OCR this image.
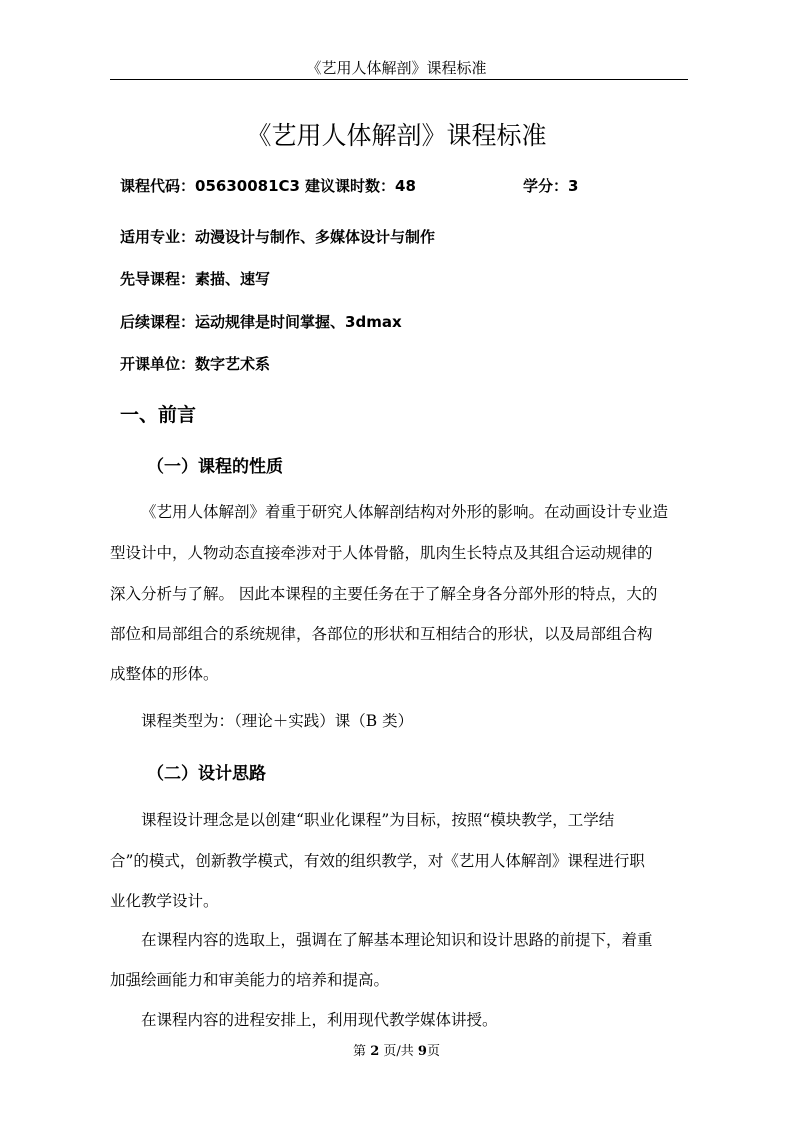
《艺用人体解剖》课程标准
《艺用人体解剖》课程标准
课程代码：05630081C3 建议课时数：48	学分：3
适用专业：动漫设计与制作、多媒体设计与制作
先导课程：素描、速写
后续课程：运动规律是时间掌握、3dmax
开课单位：数字艺术系
一、前言
（一）课程的性质
《艺用人体解剖》着重于研究人体解剖结构对外形的影响。在动画设计专业造
型设计中，人物动态直接牵涉对于人体骨骼，肌肉生长特点及其组合运动规律的
深入分析与了解。 因此本课程的主要任务在于了解全身各分部外形的特点，大的
部位和局部组合的系统规律，各部位的形状和互相结合的形状，以及局部组合构
成整体的形体。
课程类型为：（理论＋实践）课（B 类）
（二）设计思路
课程设计理念是以创建“职业化课程”为目标，按照“模块教学，工学结
合”的模式，创新教学模式，有效的组织教学，对《艺用人体解剖》课程进行职
业化教学设计。
在课程内容的选取上，强调在了解基本理论知识和设计思路的前提下，着重
加强绘画能力和审美能力的培养和提高。
在课程内容的进程安排上，利用现代教学媒体讲授。
第 2 页/共 9页
